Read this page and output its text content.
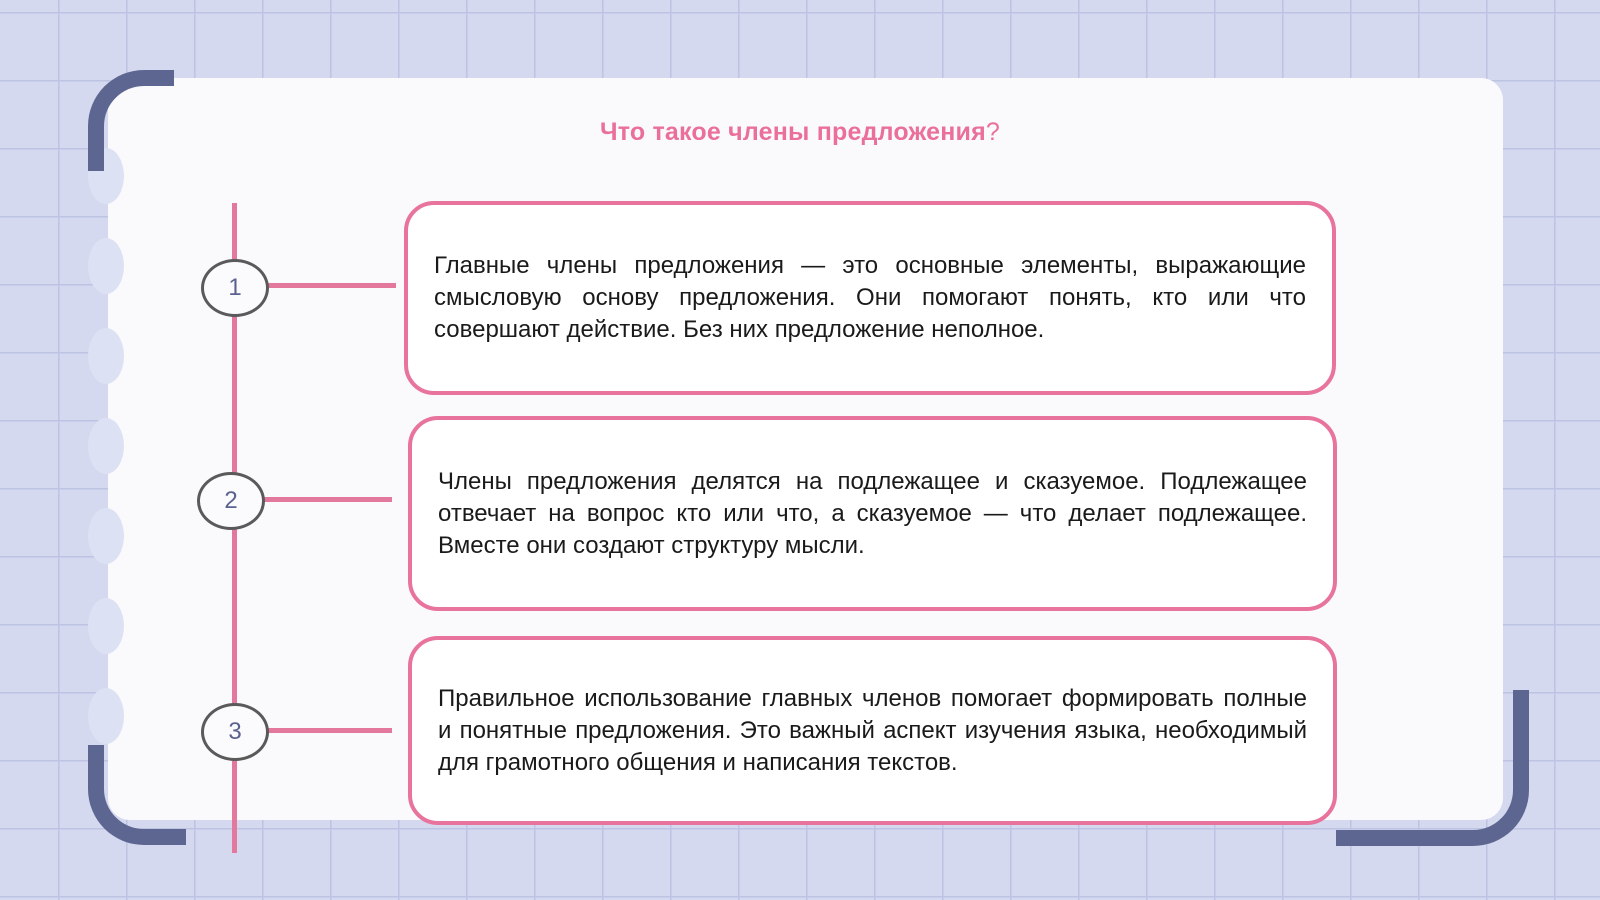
Что такое члены предложения?
1
2
3

Главные члены предложения — это основные элементы, выражающие смысловую основу предложения. Они помогают понять, кто или что совершают действие. Без них предложение неполное.

Члены предложения делятся на подлежащее и сказуемое. Подлежащее отвечает на вопрос кто или что, а сказуемое — что делает подлежащее. Вместе они создают структуру мысли.

Правильное использование главных членов помогает формировать полные и понятные предложения. Это важный аспект изучения языка, необходимый для грамотного общения и написания текстов.
